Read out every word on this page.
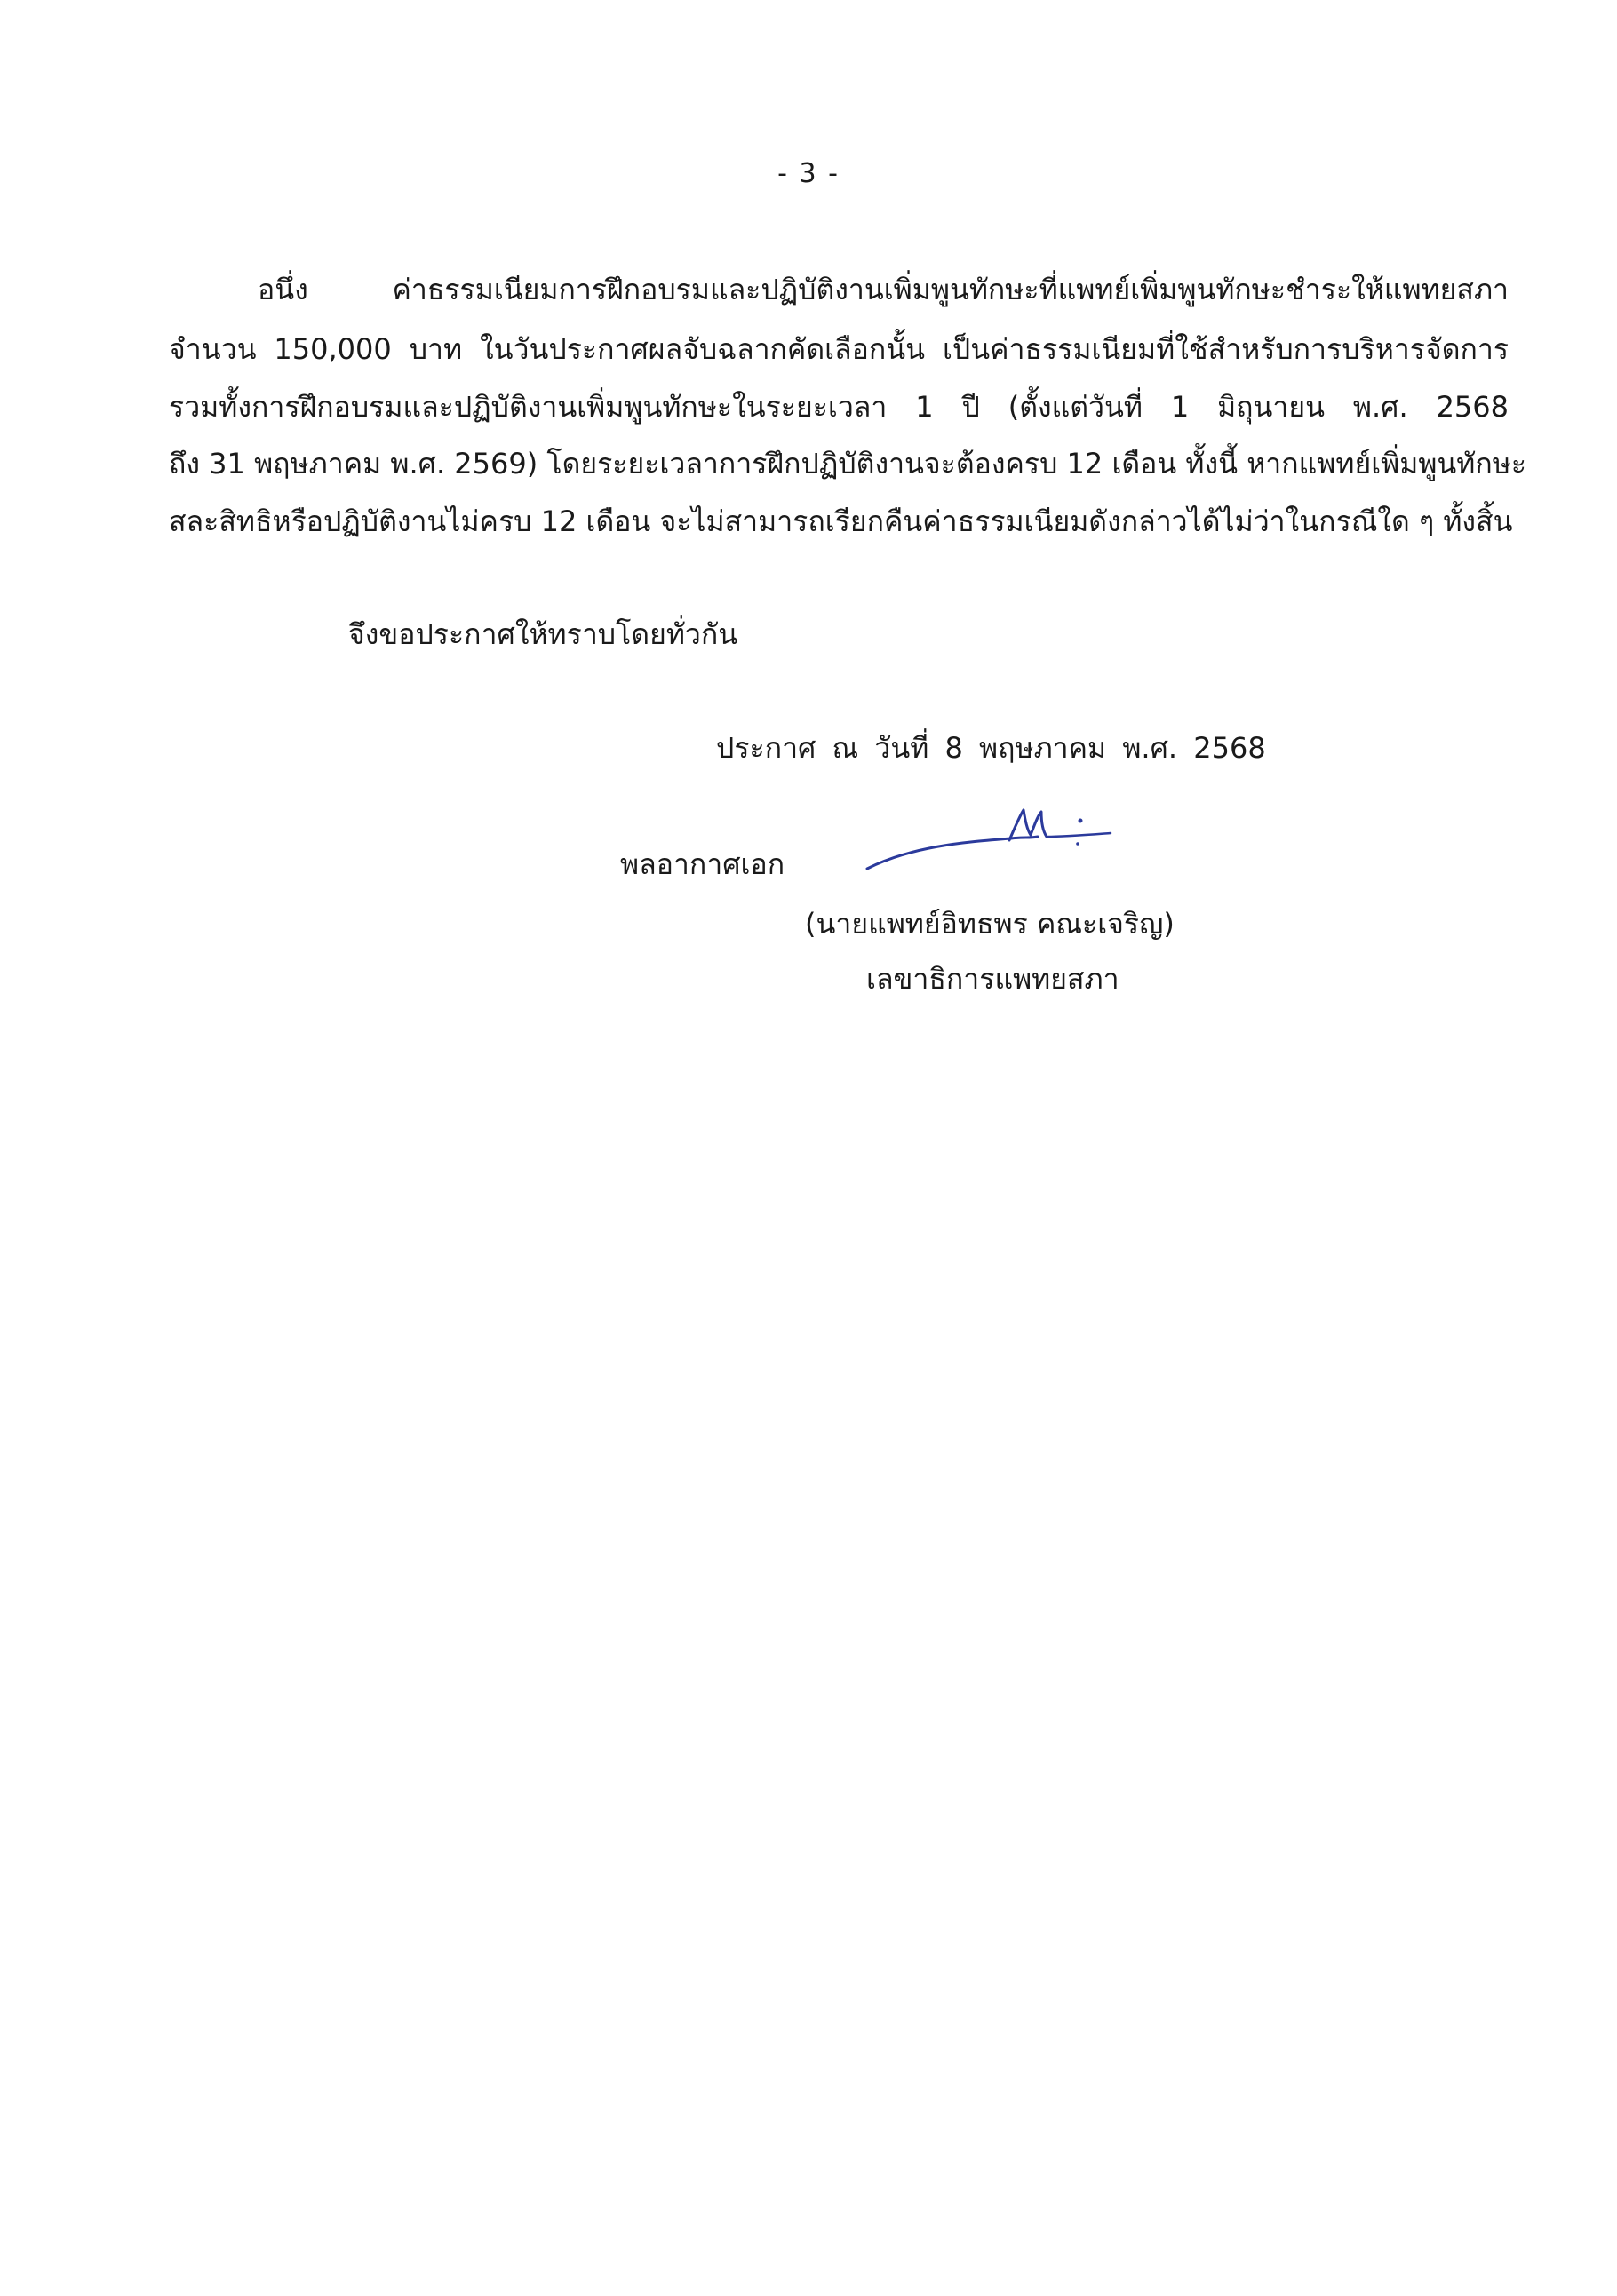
- 3 -
อนึ่ง ค่าธรรมเนียมการฝึกอบรมและปฏิบัติงานเพิ่มพูนทักษะที่แพทย์เพิ่มพูนทักษะชำระให้แพทยสภา
จำนวน 150,000 บาท ในวันประกาศผลจับฉลากคัดเลือกนั้น เป็นค่าธรรมเนียมที่ใช้สำหรับการบริหารจัดการ
รวมทั้งการฝึกอบรมและปฏิบัติงานเพิ่มพูนทักษะในระยะเวลา 1 ปี (ตั้งแต่วันที่ 1 มิถุนายน พ.ศ. 2568
ถึง 31 พฤษภาคม พ.ศ. 2569) โดยระยะเวลาการฝึกปฏิบัติงานจะต้องครบ 12 เดือน ทั้งนี้ หากแพทย์เพิ่มพูนทักษะ
สละสิทธิหรือปฏิบัติงานไม่ครบ 12 เดือน จะไม่สามารถเรียกคืนค่าธรรมเนียมดังกล่าวได้ไม่ว่าในกรณีใด ๆ ทั้งสิ้น
จึงขอประกาศให้ทราบโดยทั่วกัน
ประกาศ ณ วันที่ 8 พฤษภาคม พ.ศ. 2568
พลอากาศเอก
(นายแพทย์อิทธพร คณะเจริญ)
เลขาธิการแพทยสภา
